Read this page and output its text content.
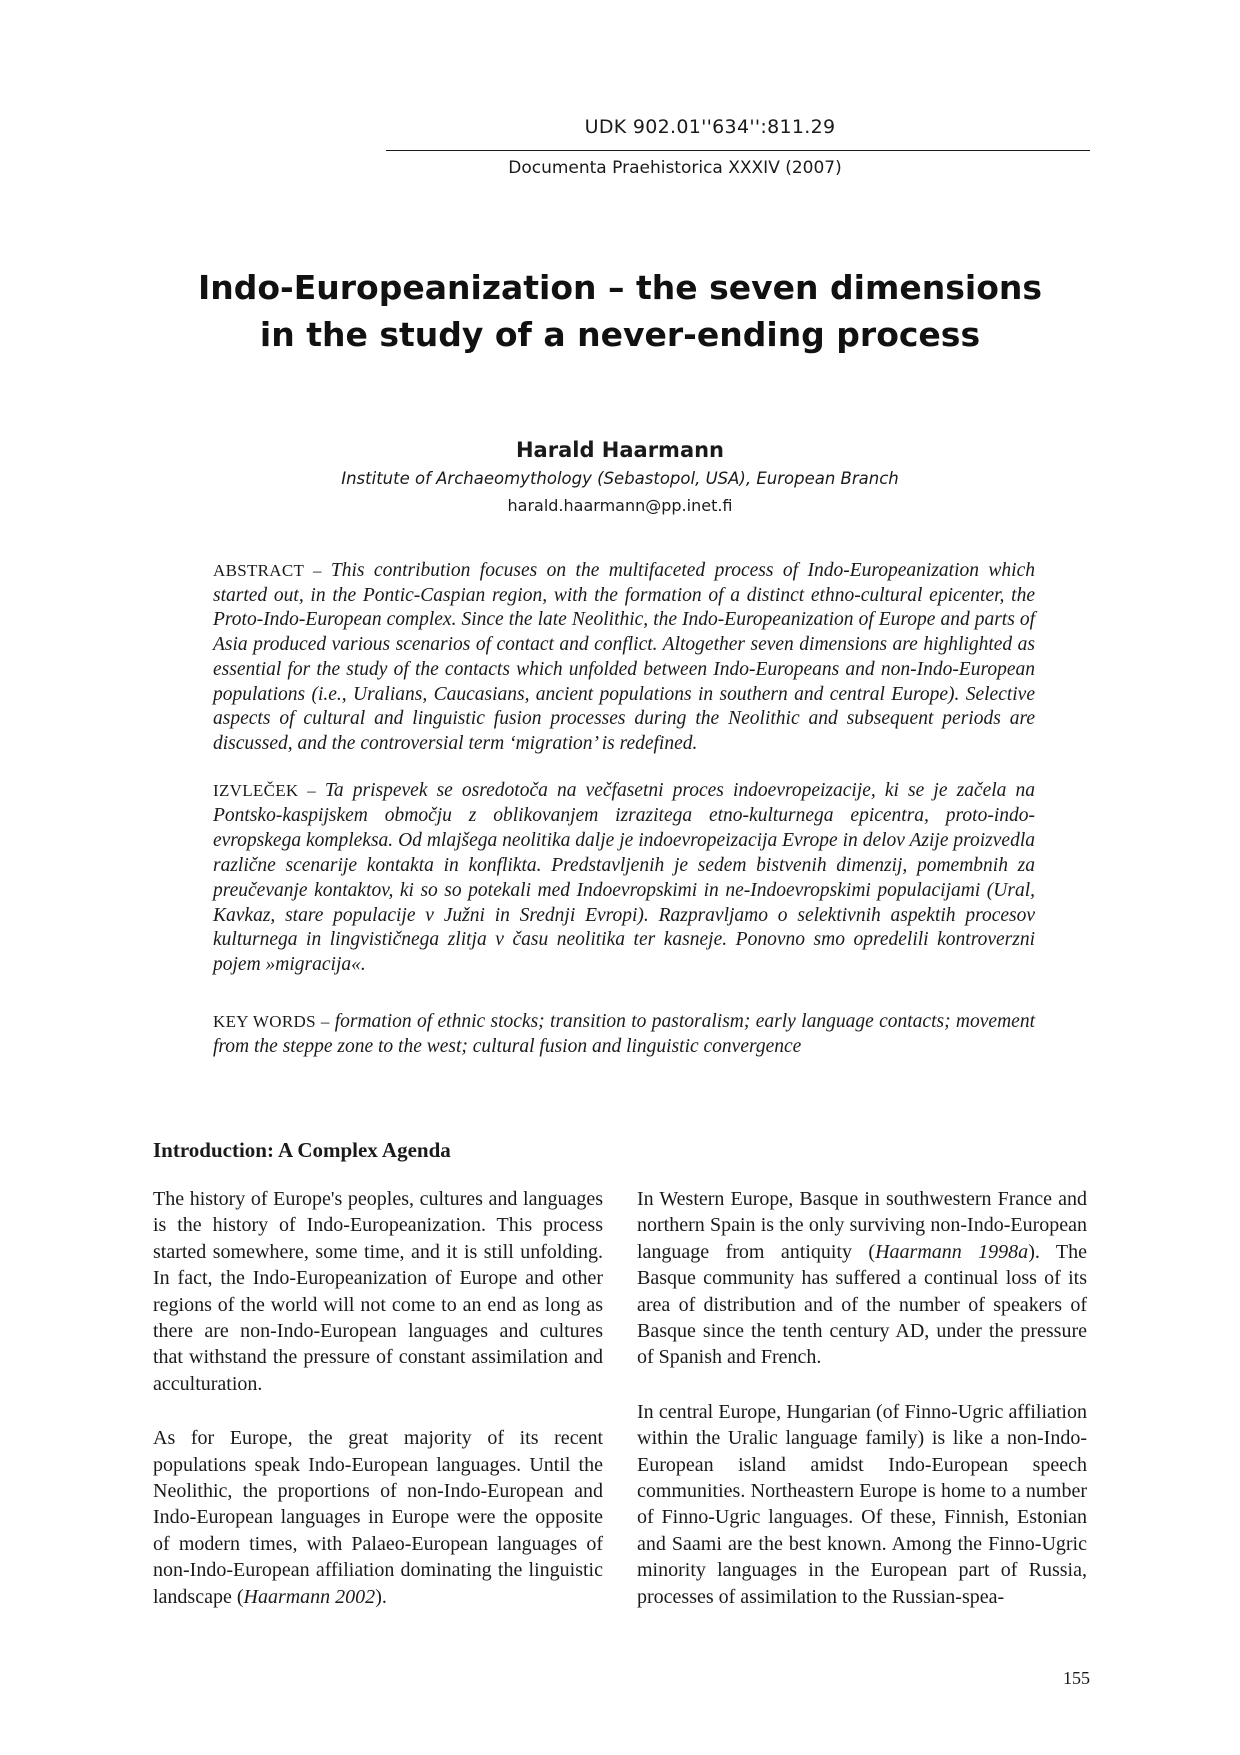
UDK 902.01''634'':811.29
Documenta Praehistorica XXXIV (2007)
Indo-Europeanization – the seven dimensions
in the study of a never-ending process
Harald Haarmann
Institute of Archaeomythology (Sebastopol, USA), European Branch
harald.haarmann@pp.inet.fi
ABSTRACT – This contribution focuses on the multifaceted process of Indo-Europeanization which started out, in the Pontic-Caspian region, with the formation of a distinct ethno-cultural epicenter, the Proto-Indo-European complex. Since the late Neolithic, the Indo-Europeanization of Europe and parts of Asia produced various scenarios of contact and conflict. Altogether seven dimensions are highlighted as essential for the study of the contacts which unfolded between Indo-Europeans and non-Indo-European populations (i.e., Uralians, Caucasians, ancient populations in southern and central Europe). Selective aspects of cultural and linguistic fusion processes during the Neolithic and subsequent periods are discussed, and the controversial term ‘migration’ is redefined.
IZVLEČEK – Ta prispevek se osredotoča na večfasetni proces indoevropeizacije, ki se je začela na Pontsko-kaspijskem območju z oblikovanjem izrazitega etno-kulturnega epicentra, proto-indo-evropskega kompleksa. Od mlajšega neolitika dalje je indoevropeizacija Evrope in delov Azije proizvedla različne scenarije kontakta in konflikta. Predstavljenih je sedem bistvenih dimenzij, pomembnih za preučevanje kontaktov, ki so so potekali med Indoevropskimi in ne-Indoevropskimi populacijami (Ural, Kavkaz, stare populacije v Južni in Srednji Evropi). Razpravljamo o selektivnih aspektih procesov kulturnega in lingvističnega zlitja v času neolitika ter kasneje. Ponovno smo opredelili kontroverzni pojem »migracija«.
KEY WORDS – formation of ethnic stocks; transition to pastoralism; early language contacts; movement from the steppe zone to the west; cultural fusion and linguistic convergence
Introduction: A Complex Agenda

The history of Europe's peoples, cultures and languages is the history of Indo-Europeanization. This process started somewhere, some time, and it is still unfolding. In fact, the Indo-Europeanization of Europe and other regions of the world will not come to an end as long as there are non-Indo-European languages and cultures that withstand the pressure of constant assimilation and acculturation.

As for Europe, the great majority of its recent populations speak Indo-European languages. Until the Neolithic, the proportions of non-Indo-European and Indo-European languages in Europe were the opposite of modern times, with Palaeo-European languages of non-Indo-European affiliation dominating the linguistic landscape (Haarmann 2002).

In Western Europe, Basque in southwestern France and northern Spain is the only surviving non-Indo-European language from antiquity (Haarmann 1998a). The Basque community has suffered a continual loss of its area of distribution and of the number of speakers of Basque since the tenth century AD, under the pressure of Spanish and French.

In central Europe, Hungarian (of Finno-Ugric affiliation within the Uralic language family) is like a non-Indo-European island amidst Indo-European speech communities. Northeastern Europe is home to a number of Finno-Ugric languages. Of these, Finnish, Estonian and Saami are the best known. Among the Finno-Ugric minority languages in the European part of Russia, processes of assimilation to the Russian-spea-

155
